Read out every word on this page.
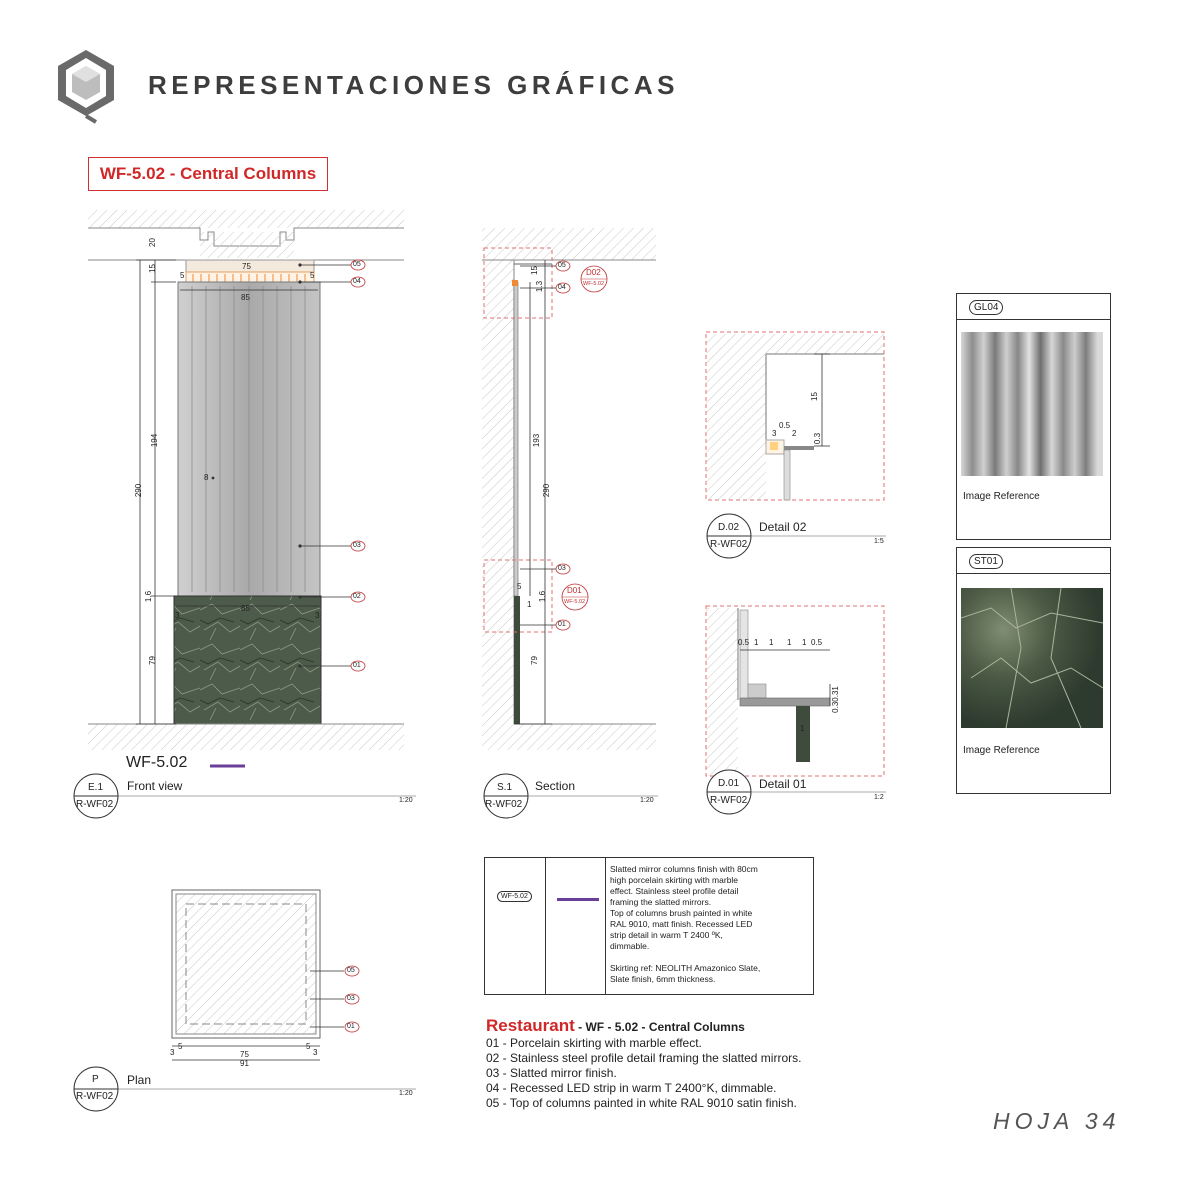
REPRESENTACIONES GRÁFICAS
HOJA 34
WF-5.02 - Central Columns
20
15	75
5	5
85
194
290
1.6
79
85
3	3
8
05
04
03
02
01
WF-5.02
E.1
R-WF02
Front view
1:20
15
1.3
193
290
5
1.6
79
1
05
04
03
01
D02
WF-5.02
D01
WF-5.02
S.1
R-WF02
Section
1:20
15
0.5
3 2 0.3
D.02
R-WF02
Detail 02
1:5
0.5 1 1 1 1 0.5
0.30.31
1
D.01
R-WF02
Detail 01
1:2
3
5	5
3
75
91
05
03
01
P
R-WF02
Plan
1:20
WF-5.02
Slatted mirror columns finish with 80cm
high porcelain skirting with marble
effect. Stainless steel profile detail
framing the slatted mirrors.
Top of columns brush painted in white
RAL 9010, matt finish. Recessed LED
strip detail in warm T 2400 ºK,
dimmable.

Skirting ref: NEOLITH Amazonico Slate,
Slate finish, 6mm thickness.
Restaurant - WF - 5.02 - Central Columns
01 - Porcelain skirting with marble effect.
02 - Stainless steel profile detail framing the slatted mirrors.
03 - Slatted mirror finish.
04 - Recessed LED strip in warm T 2400°K, dimmable.
05 - Top of columns painted in white RAL 9010 satin finish.
GL04
Image Reference
ST01
Image Reference
